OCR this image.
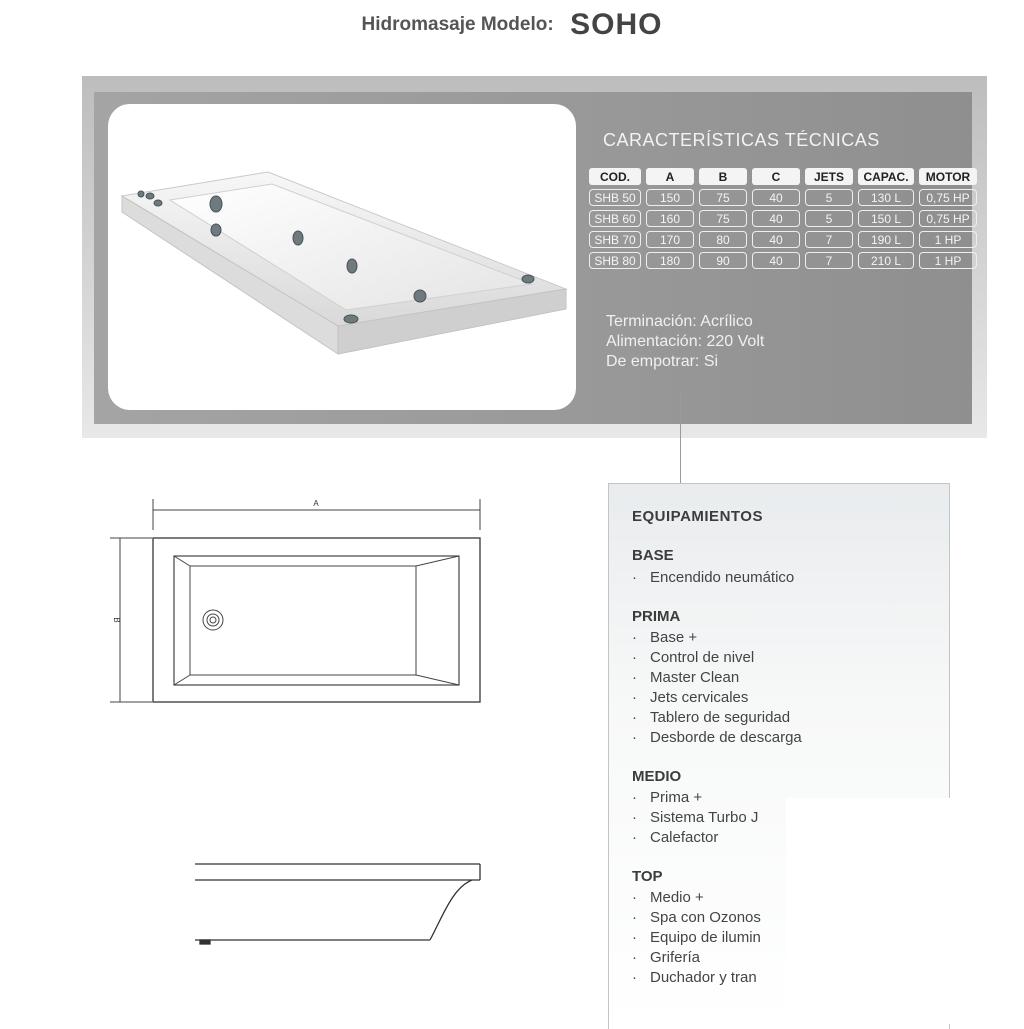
Hidromasaje Modelo: SOHO
CARACTERÍSTICAS TÉCNICAS
COD.	A	B	C	JETS	CAPAC.	MOTOR
SHB 50	150	75	40	5	130 L	0,75 HP
SHB 60	160	75	40	5	150 L	0,75 HP
SHB 70	170	80	40	7	190 L	1 HP
SHB 80	180	90	40	7	210 L	1 HP
Terminación: Acrílico
Alimentación: 220 Volt
De empotrar: Si
A
B
EQUIPAMIENTOS
BASE
· Encendido neumático
PRIMA
· Base +
· Control de nivel
· Master Clean
· Jets cervicales
· Tablero de seguridad
· Desborde de descarga
MEDIO
· Prima +
· Sistema Turbo J
· Calefactor
TOP
· Medio +
· Spa con Ozonos
· Equipo de ilumin
· Grifería
· Duchador y tran
